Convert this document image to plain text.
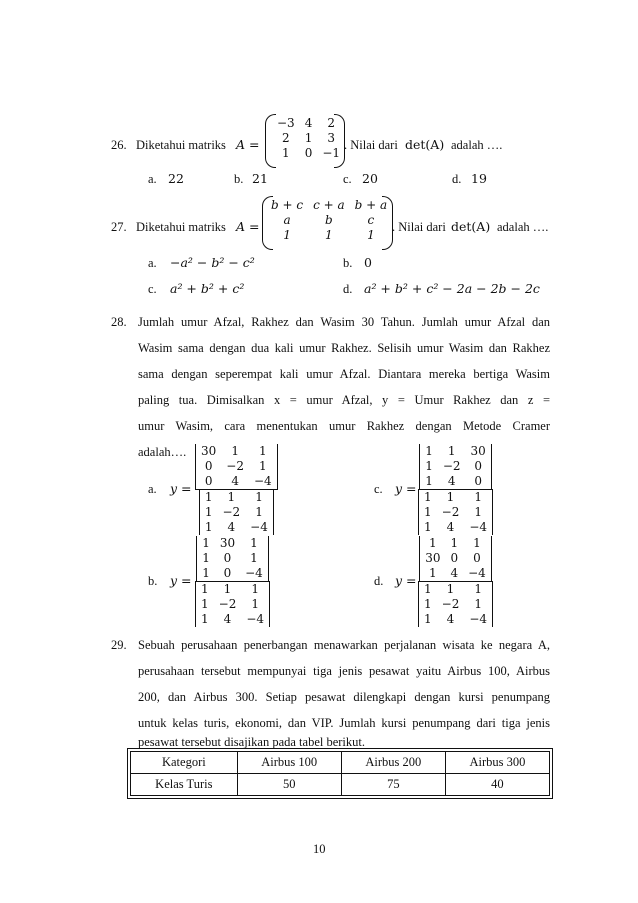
26. Diketahui matriks A =
−3	4	2
2	1	3
1	0	−1
. Nilai dari det(A) adalah ….
a. 22	b. 21	c. 20	d. 19
27. Diketahui matriks A =
b + c	c + a	b + a
a	b	c
1	1	1
. Nilai dari det(A) adalah ….
a. −a² − b² − c²	b. 0
c. a² + b² + c²	d. a² + b² + c² − 2a − 2b − 2c
28. Jumlah umur Afzal, Rakhez dan Wasim 30 Tahun. Jumlah umur Afzal dan
Wasim sama dengan dua kali umur Rakhez. Selisih umur Wasim dan Rakhez
sama dengan seperempat kali umur Afzal. Diantara mereka bertiga Wasim
paling tua. Dimisalkan x = umur Afzal, y = Umur Rakhez dan z =
umur Wasim, cara menentukan umur Rakhez dengan Metode Cramer
adalah….
a. y =
30	1	1
0	−2	1
0	4	−4
1	1	1
1	−2	1
1	4	−4
c. y =
1	1	30
1	−2	0
1	4	0
1	1	1
1	−2	1
1	4	−4
b. y =
1	30	1
1	0	1
1	0	−4
1	1	1
1	−2	1
1	4	−4
d. y =
1	1	1
30	0	0
1	4	−4
1	1	1
1	−2	1
1	4	−4
29. Sebuah perusahaan penerbangan menawarkan perjalanan wisata ke negara A,
perusahaan tersebut mempunyai tiga jenis pesawat yaitu Airbus 100, Airbus
200, dan Airbus 300. Setiap pesawat dilengkapi dengan kursi penumpang
untuk kelas turis, ekonomi, dan VIP. Jumlah kursi penumpang dari tiga jenis
pesawat tersebut disajikan pada tabel berikut.
Kategori	Airbus 100	Airbus 200	Airbus 300
Kelas Turis	50	75	40
10
